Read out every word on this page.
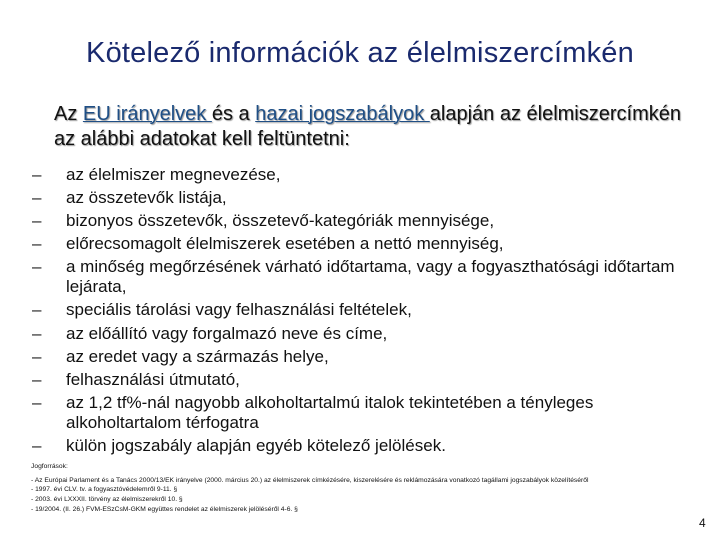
Kötelező információk az élelmiszercímkén
Az EU irányelvek és a hazai jogszabályok alapján az élelmiszercímkén az alábbi adatokat kell feltüntetni:
– az élelmiszer megnevezése,
– az összetevők listája,
– bizonyos összetevők, összetevő-kategóriák mennyisége,
– előrecsomagolt élelmiszerek esetében a nettó mennyiség,
– a minőség megőrzésének várható időtartama, vagy a fogyaszthatósági időtartam lejárata,
– speciális tárolási vagy felhasználási feltételek,
– az előállító vagy forgalmazó neve és címe,
– az eredet vagy a származás helye,
– felhasználási útmutató,
– az 1,2 tf%-nál nagyobb alkoholtartalmú italok tekintetében a tényleges alkoholtartalom térfogatra
– külön jogszabály alapján egyéb kötelező jelölések.
Jogforrások:
- Az Európai Parlament és a Tanács 2000/13/EK irányelve (2000. március 20.) az élelmiszerek címkézésére, kiszerelésére és reklámozására vonatkozó tagállami jogszabályok közelítéséről
- 1997. évi CLV. tv. a fogyasztóvédelemről 9-11. §
- 2003. évi LXXXII. törvény az élelmiszerekről 10. §
- 19/2004. (II. 26.) FVM-ESzCsM-GKM együttes rendelet az élelmiszerek jelöléséről 4-6. §
4
